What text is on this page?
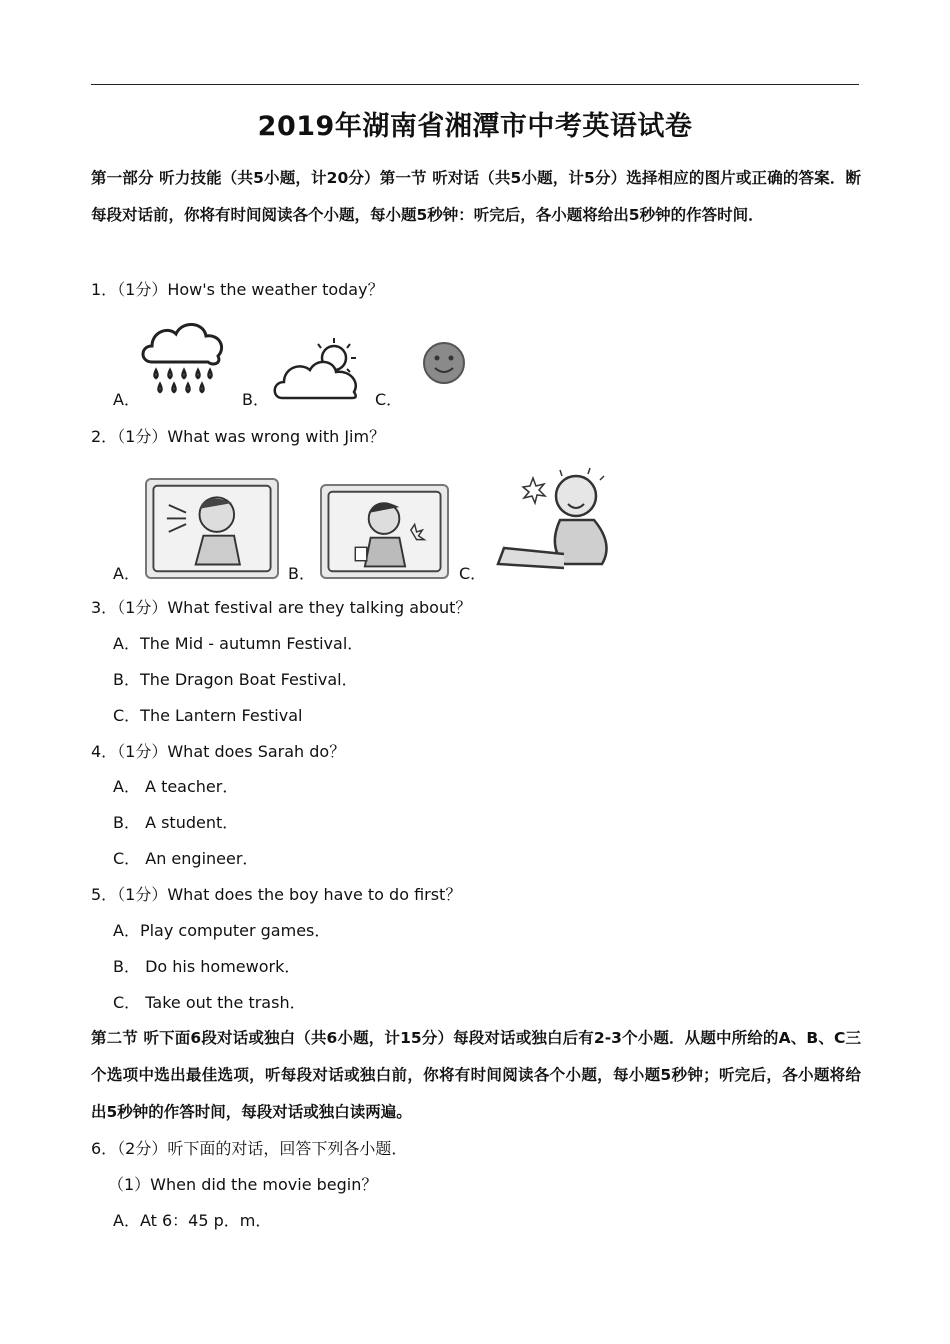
2019年湖南省湘潭市中考英语试卷
第一部分 听力技能（共5小题，计20分）第一节 听对话（共5小题，计5分）选择相应的图片或正确的答案．断每段对话前，你将有时间阅读各个小题，每小题5秒钟：听完后，各小题将给出5秒钟的作答时间．
1．（1分）How's the weather today？
A．	B．	C．
2．（1分）What was wrong with Jim？
A．	B．	C．
3．（1分）What festival are they talking about？
A．The Mid - autumn Festival．
B．The Dragon Boat Festival．
C．The Lantern Festival
4．（1分）What does Sarah do？
A． A teacher．
B． A student．
C． An engineer．
5．（1分）What does the boy have to do first？
A．Play computer games．
B． Do his homework．
C． Take out the trash．
第二节 听下面6段对话或独白（共6小题，计15分）每段对话或独白后有2-3个小题．从题中所给的A、B、C三个选项中选出最佳选项，听每段对话或独白前，你将有时间阅读各个小题，每小题5秒钟；听完后，各小题将给出5秒钟的作答时间，每段对话或独白读两遍。
6．（2分）听下面的对话，回答下列各小题．
（1）When did the movie begin？
A．At 6：45 p．m．
